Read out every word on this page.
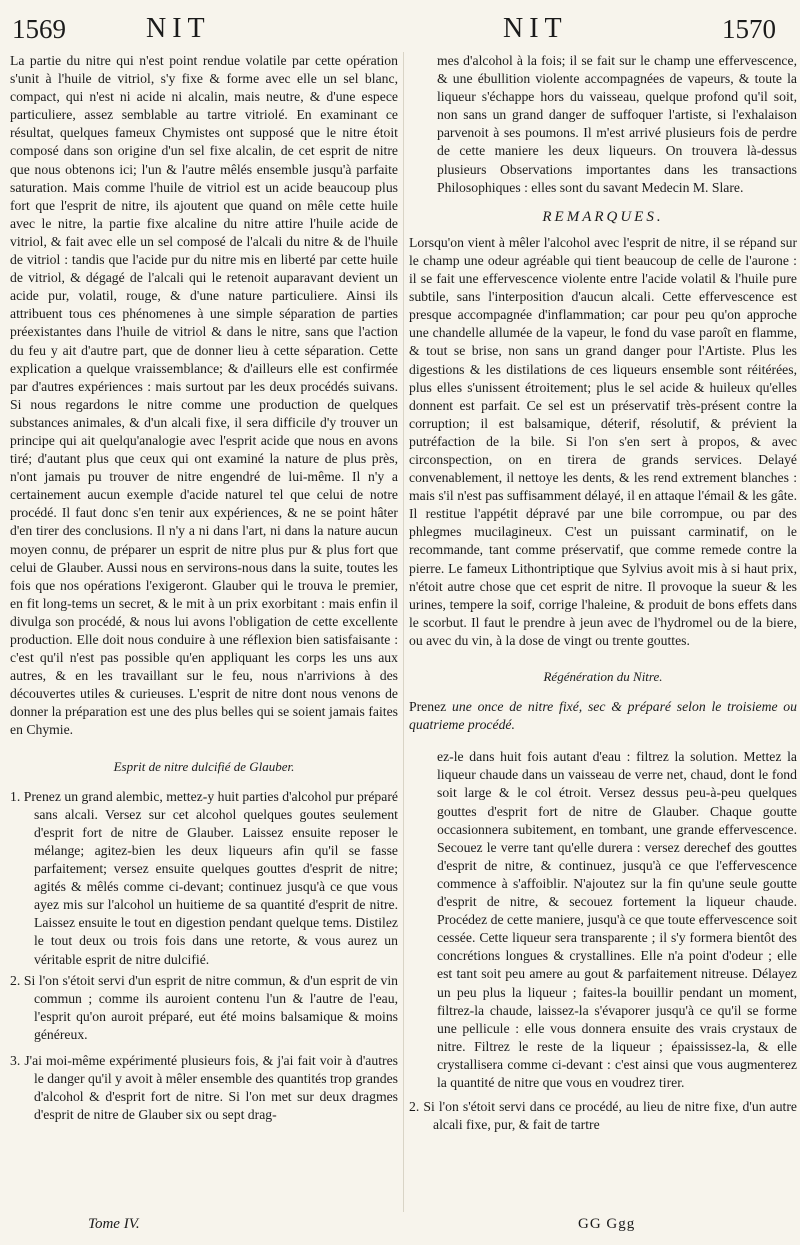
1569	NIT	NIT	1570

La partie du nitre qui n'est point rendue volatile par cette opération s'unit à l'huile de vitriol, s'y fixe & forme avec elle un sel blanc, compact, qui n'est ni acide ni alcalin, mais neutre, & d'une espece particuliere, assez semblable au tartre vitriolé. En examinant ce résultat, quelques fameux Chymistes ont supposé que le nitre étoit composé dans son origine d'un sel fixe alcalin, de cet esprit de nitre que nous obtenons ici; l'un & l'autre mêlés ensemble jusqu'à parfaite saturation. Mais comme l'huile de vitriol est un acide beaucoup plus fort que l'esprit de nitre, ils ajoutent que quand on mêle cette huile avec le nitre, la partie fixe alcaline du nitre attire l'huile acide de vitriol, & fait avec elle un sel composé de l'alcali du nitre & de l'huile de vitriol : tandis que l'acide pur du nitre mis en liberté par cette huile de vitriol, & dégagé de l'alcali qui le retenoit auparavant devient un acide pur, volatil, rouge, & d'une nature particuliere. Ainsi ils attribuent tous ces phénomenes à une simple séparation de parties préexistantes dans l'huile de vitriol & dans le nitre, sans que l'action du feu y ait d'autre part, que de donner lieu à cette séparation. Cette explication a quelque vraissemblance; & d'ailleurs elle est confirmée par d'autres expériences : mais surtout par les deux procédés suivans. Si nous regardons le nitre comme une production de quelques substances animales, & d'un alcali fixe, il sera difficile d'y trouver un principe qui ait quelqu'analogie avec l'esprit acide que nous en avons tiré; d'autant plus que ceux qui ont examiné la nature de plus près, n'ont jamais pu trouver de nitre engendré de lui-même. Il n'y a certainement aucun exemple d'acide naturel tel que celui de notre procédé. Il faut donc s'en tenir aux expériences, & ne se point hâter d'en tirer des conclusions. Il n'y a ni dans l'art, ni dans la nature aucun moyen connu, de préparer un esprit de nitre plus pur & plus fort que celui de Glauber. Aussi nous en servirons-nous dans la suite, toutes les fois que nos opérations l'exigeront. Glauber qui le trouva le premier, en fit long-tems un secret, & le mit à un prix exorbitant : mais enfin il divulga son procédé, & nous lui avons l'obligation de cette excellente production. Elle doit nous conduire à une réflexion bien satisfaisante : c'est qu'il n'est pas possible qu'en appliquant les corps les uns aux autres, & en les travaillant sur le feu, nous n'arrivions à des découvertes utiles & curieuses. L'esprit de nitre dont nous venons de donner la préparation est une des plus belles qui se soient jamais faites en Chymie.

Esprit de nitre dulcifié de Glauber.

1. Prenez un grand alembic, mettez-y huit parties d'alcohol pur préparé sans alcali. Versez sur cet alcohol quelques goutes seulement d'esprit fort de nitre de Glauber. Laissez ensuite reposer le mélange; agitez-bien les deux liqueurs afin qu'il se fasse parfaitement; versez ensuite quelques gouttes d'esprit de nitre; agités & mêlés comme ci-devant; continuez jusqu'à ce que vous ayez mis sur l'alcohol un huitieme de sa quantité d'esprit de nitre. Laissez ensuite le tout en digestion pendant quelque tems. Distilez le tout deux ou trois fois dans une retorte, & vous aurez un véritable esprit de nitre dulcifié.

2. Si l'on s'étoit servi d'un esprit de nitre commun, & d'un esprit de vin commun ; comme ils auroient contenu l'un & l'autre de l'eau, l'esprit qu'on auroit préparé, eut été moins balsamique & moins généreux.

3. J'ai moi-même expérimenté plusieurs fois, & j'ai fait voir à d'autres le danger qu'il y avoit à mêler ensemble des quantités trop grandes d'alcohol & d'esprit fort de nitre. Si l'on met sur deux dragmes d'esprit de nitre de Glauber six ou sept drag-

mes d'alcohol à la fois; il se fait sur le champ une effervescence, & une ébullition violente accompagnées de vapeurs, & toute la liqueur s'échappe hors du vaisseau, quelque profond qu'il soit, non sans un grand danger de suffoquer l'artiste, si l'exhalaison parvenoit à ses poumons. Il m'est arrivé plusieurs fois de perdre de cette maniere les deux liqueurs. On trouvera là-dessus plusieurs Observations importantes dans les transactions Philosophiques : elles sont du savant Medecin M. Slare.

REMARQUES.

Lorsqu'on vient à mêler l'alcohol avec l'esprit de nitre, il se répand sur le champ une odeur agréable qui tient beaucoup de celle de l'aurone : il se fait une effervescence violente entre l'acide volatil & l'huile pure subtile, sans l'interposition d'aucun alcali. Cette effervescence est presque accompagnée d'inflammation; car pour peu qu'on approche une chandelle allumée de la vapeur, le fond du vase paroît en flamme, & tout se brise, non sans un grand danger pour l'Artiste. Plus les digestions & les distilations de ces liqueurs ensemble sont réitérées, plus elles s'unissent étroitement; plus le sel acide & huileux qu'elles donnent est parfait. Ce sel est un préservatif très-présent contre la corruption; il est balsamique, déterif, résolutif, & prévient la putréfaction de la bile. Si l'on s'en sert à propos, & avec circonspection, on en tirera de grands services. Delayé convenablement, il nettoye les dents, & les rend extrement blanches : mais s'il n'est pas suffisamment délayé, il en attaque l'émail & les gâte. Il restitue l'appétit dépravé par une bile corrompue, ou par des phlegmes mucilagineux. C'est un puissant carminatif, on le recommande, tant comme préservatif, que comme remede contre la pierre. Le fameux Lithontriptique que Sylvius avoit mis à si haut prix, n'étoit autre chose que cet esprit de nitre. Il provoque la sueur & les urines, tempere la soif, corrige l'haleine, & produit de bons effets dans le scorbut. Il faut le prendre à jeun avec de l'hydromel ou de la biere, ou avec du vin, à la dose de vingt ou trente gouttes.

Régénération du Nitre.

Prenez une once de nitre fixé, sec & préparé selon le troisieme ou quatrieme procédé.

ez-le dans huit fois autant d'eau : filtrez la solution. Mettez la liqueur chaude dans un vaisseau de verre net, chaud, dont le fond soit large & le col étroit. Versez dessus peu-à-peu quelques gouttes d'esprit fort de nitre de Glauber. Chaque goutte occasionnera subitement, en tombant, une grande effervescence. Secouez le verre tant qu'elle durera : versez derechef des gouttes d'esprit de nitre, & continuez, jusqu'à ce que l'effervescence commence à s'affoiblir. N'ajoutez sur la fin qu'une seule goutte d'esprit de nitre, & secouez fortement la liqueur chaude. Procédez de cette maniere, jusqu'à ce que toute effervescence soit cessée. Cette liqueur sera transparente ; il s'y formera bientôt des concrétions longues & crystallines. Elle n'a point d'odeur ; elle est tant soit peu amere au gout & parfaitement nitreuse. Délayez un peu plus la liqueur ; faites-la bouillir pendant un moment, filtrez-la chaude, laissez-la s'évaporer jusqu'à ce qu'il se forme une pellicule : elle vous donnera ensuite des vrais crystaux de nitre. Filtrez le reste de la liqueur ; épaississez-la, & elle crystallisera comme ci-devant : c'est ainsi que vous augmenterez la quantité de nitre que vous en voudrez tirer.

2. Si l'on s'étoit servi dans ce procédé, au lieu de nitre fixe, d'un autre alcali fixe, pur, & fait de tartre

Tome IV.	GG Ggg
